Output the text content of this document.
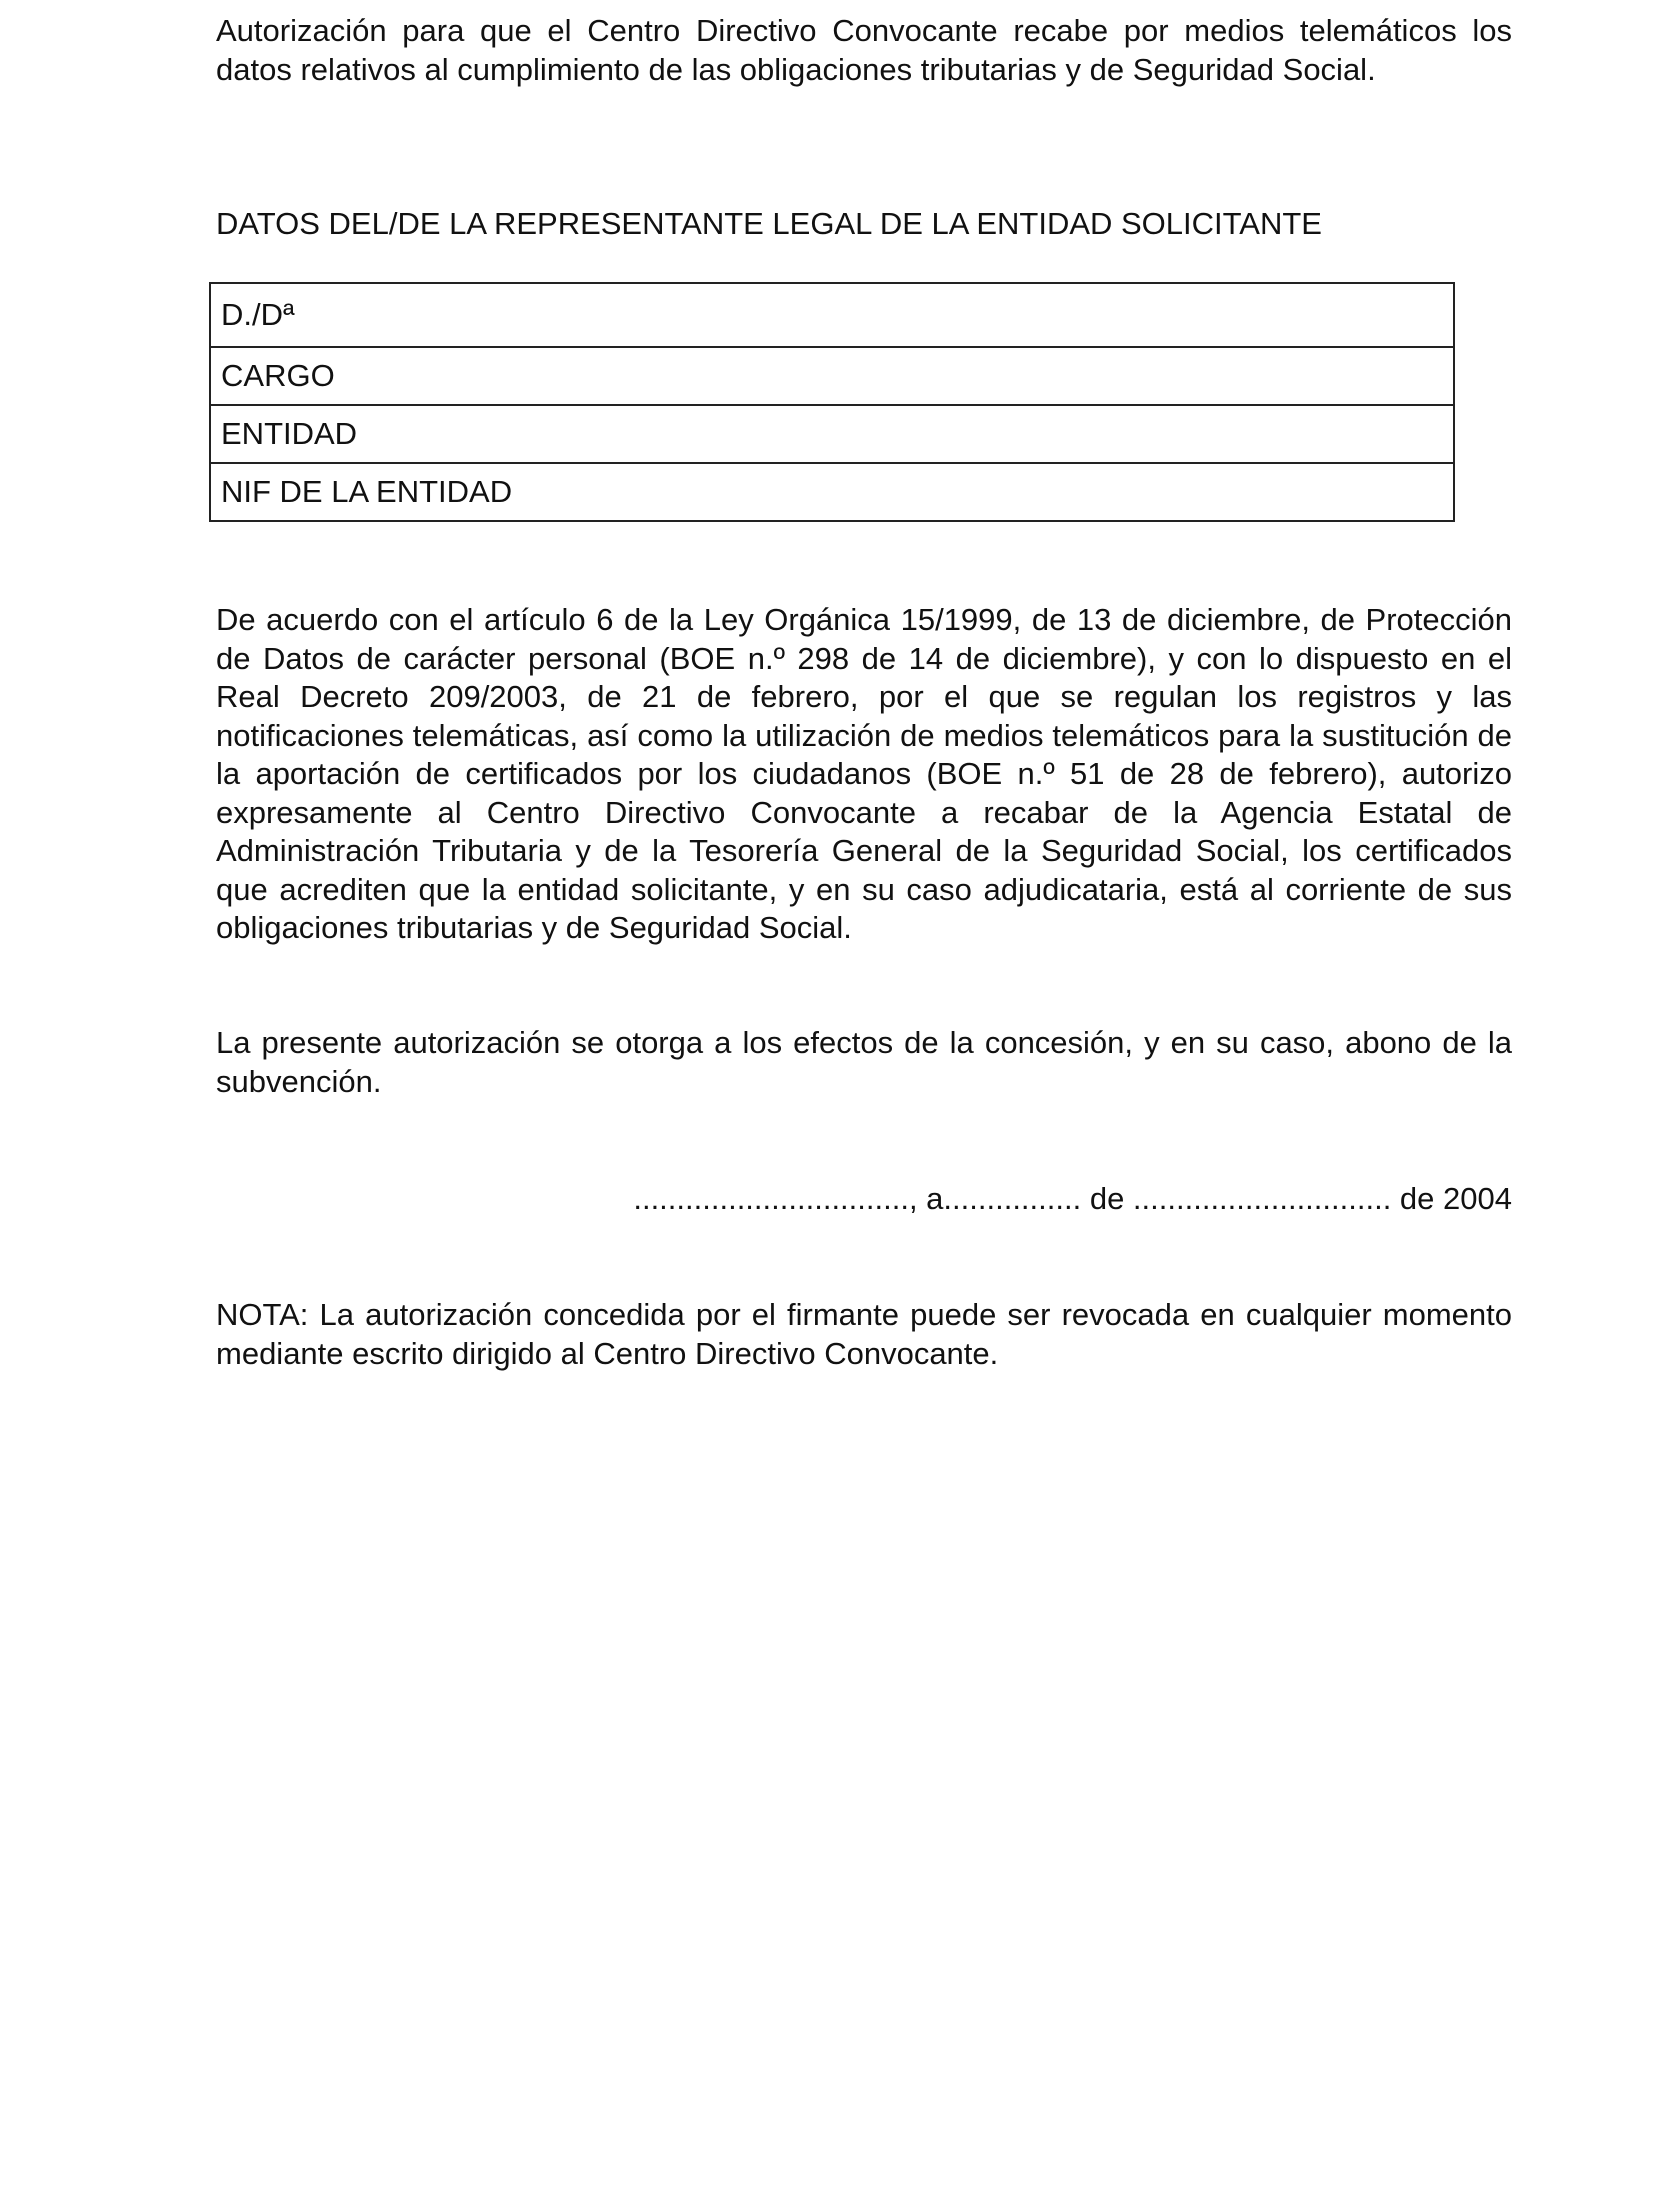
Autorización para que el Centro Directivo Convocante recabe por medios telemáticos los datos relativos al cumplimiento de las obligaciones tributarias y de Seguridad Social.
DATOS DEL/DE LA REPRESENTANTE LEGAL DE LA ENTIDAD SOLICITANTE
D./Dª
CARGO
ENTIDAD
NIF DE LA ENTIDAD
De acuerdo con el artículo 6 de la Ley Orgánica 15/1999, de 13 de diciembre, de Protección de Datos de carácter personal (BOE n.º 298 de 14 de diciembre), y con lo dispuesto en el Real Decreto 209/2003, de 21 de febrero, por el que se regulan los registros y las notificaciones telemáticas, así como la utilización de medios telemáticos para la sustitución de la aportación de certificados por los ciudadanos (BOE n.º 51 de 28 de febrero), autorizo expresamente al Centro Directivo Convocante a recabar de la Agencia Estatal de Administración Tributaria y de la Tesorería General de la Seguridad Social, los certificados que acrediten que la entidad solicitante, y en su caso adjudicataria, está al corriente de sus obligaciones tributarias y de Seguridad Social.
La presente autorización se otorga a los efectos de la concesión, y en su caso, abono de la subvención.
................................, a................ de .............................. de 2004
NOTA: La autorización concedida por el firmante puede ser revocada en cualquier momento mediante escrito dirigido al Centro Directivo Convocante.
